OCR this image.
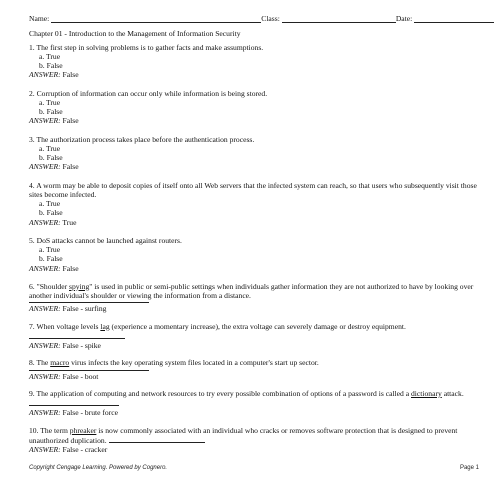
Name:	Class:	Date:
Chapter 01 - Introduction to the Management of Information Security
1. The first step in solving problems is to gather facts and make assumptions.
a. True
b. False
ANSWER: False
2. Corruption of information can occur only while information is being stored.
a. True
b. False
ANSWER: False
3. The authorization process takes place before the authentication process.
a. True
b. False
ANSWER: False
4. A worm may be able to deposit copies of itself onto all Web servers that the infected system can reach, so that users who subsequently visit those sites become infected.
a. True
b. False
ANSWER: True
5. DoS attacks cannot be launched against routers.
a. True
b. False
ANSWER: False
6. "Shoulder spying" is used in public or semi-public settings when individuals gather information they are not authorized to have by looking over another individual's shoulder or viewing the information from a distance.
ANSWER: False - surfing
7. When voltage levels lag (experience a momentary increase), the extra voltage can severely damage or destroy equipment.
ANSWER: False - spike
8. The macro virus infects the key operating system files located in a computer's start up sector.
ANSWER: False - boot
9. The application of computing and network resources to try every possible combination of options of a password is called a dictionary attack.
ANSWER: False - brute force
10. The term phreaker is now commonly associated with an individual who cracks or removes software protection that is designed to prevent unauthorized duplication.
ANSWER: False - cracker
Copyright Cengage Learning. Powered by Cognero.	Page 1
